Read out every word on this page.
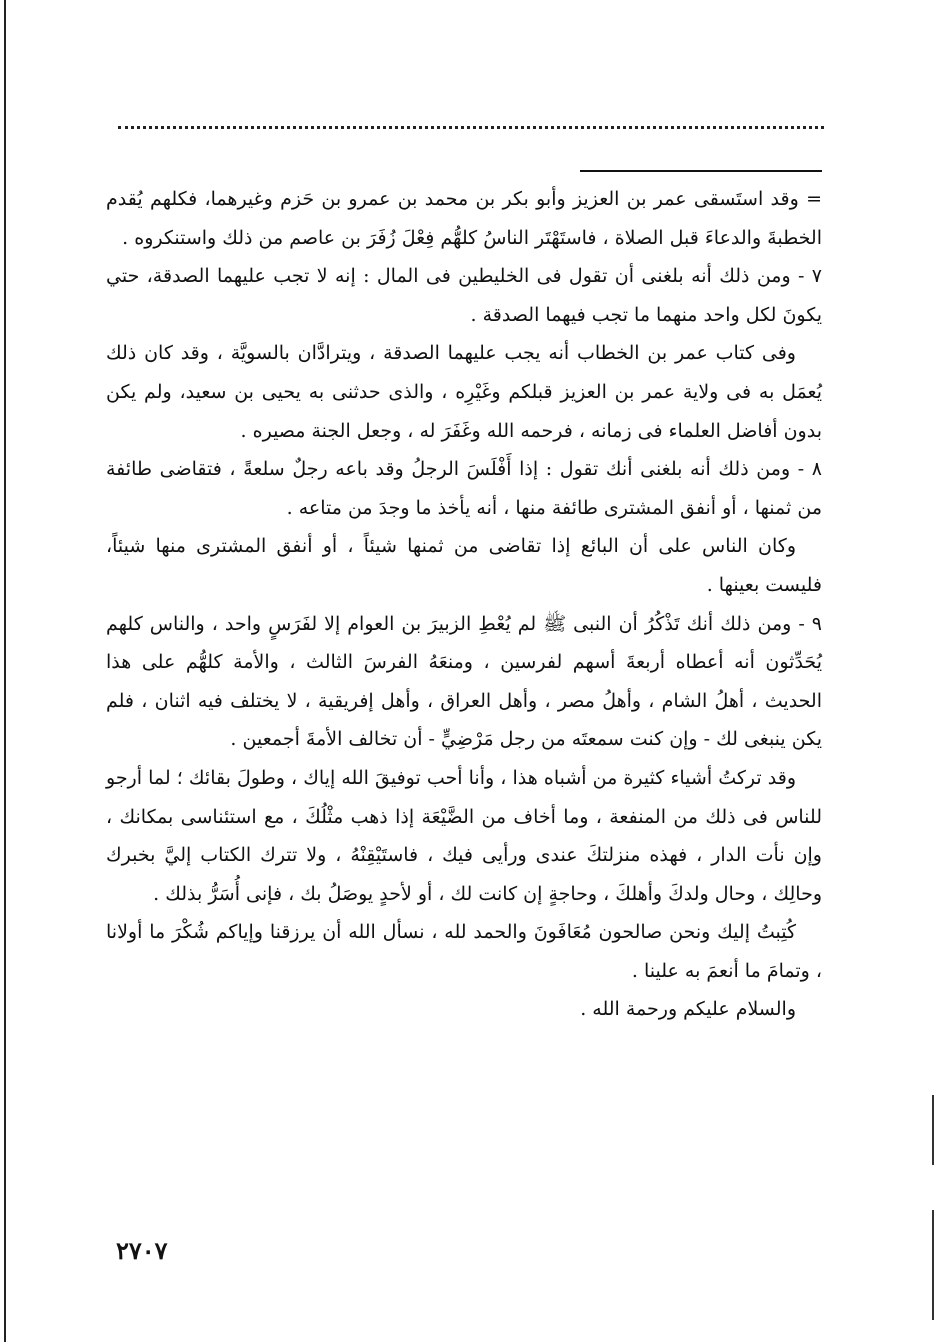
= وقد استَسقى عمر بن العزيز وأبو بكر بن محمد بن عمرو بن حَزم وغيرهما، فكلهم يُقدم الخطبةَ والدعاءَ قبل الصلاة ، فاستَهْتَر الناسُ كلهُّم فِعْلَ زُفَرَ بن عاصم من ذلك واستنكروه .

٧ - ومن ذلك أنه بلغنى أن تقول فى الخليطين فى المال : إنه لا تجب عليهما الصدقة، حتي يكونَ لكل واحد منهما ما تجب فيهما الصدقة .

وفى كتاب عمر بن الخطاب أنه يجب عليهما الصدقة ، ويترادَّان بالسويَّة ، وقد كان ذلك يُعمَل به فى ولاية عمر بن العزيز قبلكم وغَيْرِه ، والذى حدثنى به يحيى بن سعيد، ولم يكن بدون أفاضل العلماء فى زمانه ، فرحمه الله وغَفَرَ له ، وجعل الجنة مصيره .

٨ - ومن ذلك أنه بلغنى أنك تقول : إذا أَفْلَسَ الرجلُ وقد باعه رجلٌ سلعةً ، فتقاضى طائفة من ثمنها ، أو أنفق المشترى طائفة منها ، أنه يأخذ ما وجدَ من متاعه .

وكان الناس على أن البائع إذا تقاضى من ثمنها شيئاً ، أو أنفق المشترى منها شيئاً، فليست بعينها .

٩ - ومن ذلك أنك تَذْكُرُ أن النبى ﷺ لم يُعْطِ الزبيرَ بن العوام إلا لفَرَسٍ واحد ، والناس كلهم يُحَدِّثون أنه أعطاه أربعةَ أسهم لفرسين ، ومنعَهُ الفرسَ الثالث ، والأمة كلهُّم على هذا الحديث ، أهلُ الشام ، وأهلُ مصر ، وأهل العراق ، وأهل إفريقية ، لا يختلف فيه اثنان ، فلم يكن ينبغى لك - وإن كنت سمعتَه من رجل مَرْضِيٍّ - أن تخالف الأمةَ أجمعين .

وقد تركتُ أشياء كثيرة من أشباه هذا ، وأنا أحب توفيقَ الله إياك ، وطولَ بقائك ؛ لما أرجو للناس فى ذلك من المنفعة ، وما أخاف من الضَّيْعَة إذا ذهب مثْلُكَ ، مع استئناسى بمكانك ، وإن نأت الدار ، فهذه منزلتكَ عندى ورأيى فيك ، فاستَيْقِنْهُ ، ولا تترك الكتاب إليَّ بخبرك وحالِك ، وحال ولدكَ وأهلكَ ، وحاجةٍ إن كانت لك ، أو لأحدٍ يوصَلُ بك ، فإنى أُسَرُّ بذلك .

كُتِبتُ إليك ونحن صالحون مُعَافَونَ والحمد لله ، نسأل الله أن يرزقنا وإياكم شُكْرَ ما أولانا ، وتمامَ ما أنعمَ به علينا .

والسلام عليكم ورحمة الله .

٢٧٠٧
